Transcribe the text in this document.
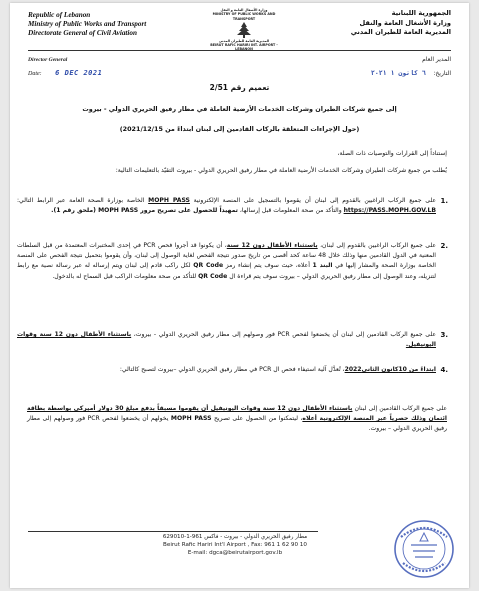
Republic of Lebanon
Ministry of Public Works and Transport
Directorate General of Civil Aviation
وزارة الأشغال العامة و النقل
MINISTRY OF PUBLIC WORKS AND TRANSPORT
المديرية العامة للطيران المدني
BEIRUT RAFIC HARIRI INT. AIRPORT - LEBANON
الجمهورية اللبنانية
وزارة الأشغال العامة والنقل
المديرية العامة للطيران المدني
Director General	المدير العام
Date: 6 DEC 2021	التاريخ:    ٦ كانون ١ ٢٠٢١
تعميم رقم 2/51
إلى جميع شركات الطيران وشركات الخدمات الأرضية العاملة في مطار رفيق الحريري الدولي - بيروت
(حول الإجراءات المتعلقة بالركاب القادمين إلى لبنان ابتداءً من 2021/12/15)
إستناداً إلى القرارات والتوصيات ذات الصلة،
يُطلب من جميع شركات الطيران وشركات الخدمات الأرضية العاملة في مطار رفيق الحريري الدولي - بيروت التقيّد بالتعليمات التالية:
1.
على جميع الركاب الراغبين بالقدوم إلى لبنان أن يقوموا بالتسجيل على المنصة الإلكترونية MOPH PASS الخاصة بوزارة الصحة العامة عبر الرابط التالي: https://PASS.MOPH.GOV.LB والتأكد من صحة المعلومات قبل إرسالها، تمهيداً للحصول على تصريح مرور MOPH PASS (ملحق رقم 1).
2.
على جميع الركاب الراغبين بالقدوم إلى لبنان، باستثناء الأطفال دون 12 سنة، أن يكونوا قد أجروا فحص PCR في إحدى المختبرات المعتمدة من قبل السلطات المعنية في الدول القادمين منها وذلك خلال 48 ساعة كحد أقصى من تاريخ صدور نتيجة الفحص لغاية الوصول إلى لبنان، وأن يقوموا بتحميل نتيجة الفحص على المنصة الخاصة بوزارة الصحة والمشار إليها في البند 1 أعلاه، حيث سوف يتم إنشاء رمز QR Code لكل راكب قادم إلى لبنان ويتم إرساله له عبر رسالة نصية مع رابط لتنزيله، وعند الوصول إلى مطار رفيق الحريري الدولي – بيروت سوف يتم قراءة ال QR Code للتأكد من صحة معلومات الراكب قبل السماح له بالدخول.
3.
على جميع الركاب القادمين إلى لبنان أن يخضعوا لفحص PCR فور وصولهم إلى مطار رفيق الحريري الدولي - بيروت، باستثناء الأطفال دون 12 سنة وقوات اليونيفيل.
4.
ابتداءً من 10كانون الثاني2022، تُعدَّل آلية استيفاء فحص ال PCR في مطار رفيق الحريري الدولي –بيروت لتصبح كالتالي:
على جميع الركاب القادمين إلى لبنان باستثناء الأطفال دون 12 سنة وقوات اليونيفيل أن يقوموا مسبقاً بدفع مبلغ 30 دولار أميركي بواسطة بطاقة ائتمان وذلك حصرياً عبر المنصة الإلكترونية أعلاه، ليتمكنوا من الحصول على تصريح MOPH PASS يخولهم أن يخضعوا لفحص PCR فور وصولهم إلى مطار رفيق الحريري الدولي – بيروت.
مطار رفيق الحريري الدولي - بيروت - فاكس 961-1-629010
Beirut Rafic Hariri Int'l Airport , Fax: 961 1 62 90 10
E-mail: dgca@beirutairport.gov.lb
